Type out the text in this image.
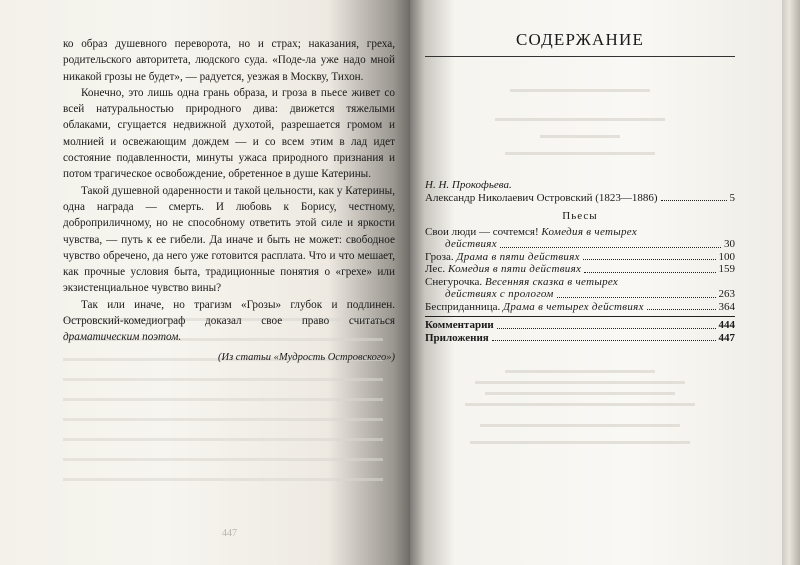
ко образ душевного переворота, но и страх; наказания, греха, родительского авторитета, людского суда. «Поде-ла уже надо мной никакой грозы не будет», — радуется, уезжая в Москву, Тихон.

Конечно, это лишь одна грань образа, и гроза в пьесе живет со всей натуральностью природного дива: движется тяжелыми облаками, сгущается недвижной духотой, разрешается громом и молнией и освежающим дождем — и со всем этим в лад идет состояние подавленности, минуты ужаса природного признания и потом трагическое освобождение, обретенное в душе Катерины.

Такой душевной одаренности и такой цельности, как у Катерины, одна награда — смерть. И любовь к Борису, честному, доброприличному, но не способному ответить этой силе и яркости чувства, — путь к ее гибели. Да иначе и быть не может: свободное чувство обречено, да него уже готовится расплата. Что и что мешает, как прочные условия быта, традиционные понятия о «грехе» или экзистенциальное чувство вины?

Так или иначе, но трагизм «Грозы» глубок и подлинен. Островский-комедиограф доказал свое право считаться драматическим поэтом.

(Из статьи «Мудрость Островского»)
447
СОДЕРЖАНИЕ
Н. Н. Прокофьева.
Александр Николаевич Островский (1823—1886)	5
Пьесы
Свои люди — сочтемся! Комедия в четырех
действиях	30
Гроза. Драма в пяти действиях	100
Лес. Комедия в пяти действиях	159
Снегурочка. Весенняя сказка в четырех
действиях с прологом	263
Бесприданница. Драма в четырех действиях	364
Комментарии	444
Приложения	447
